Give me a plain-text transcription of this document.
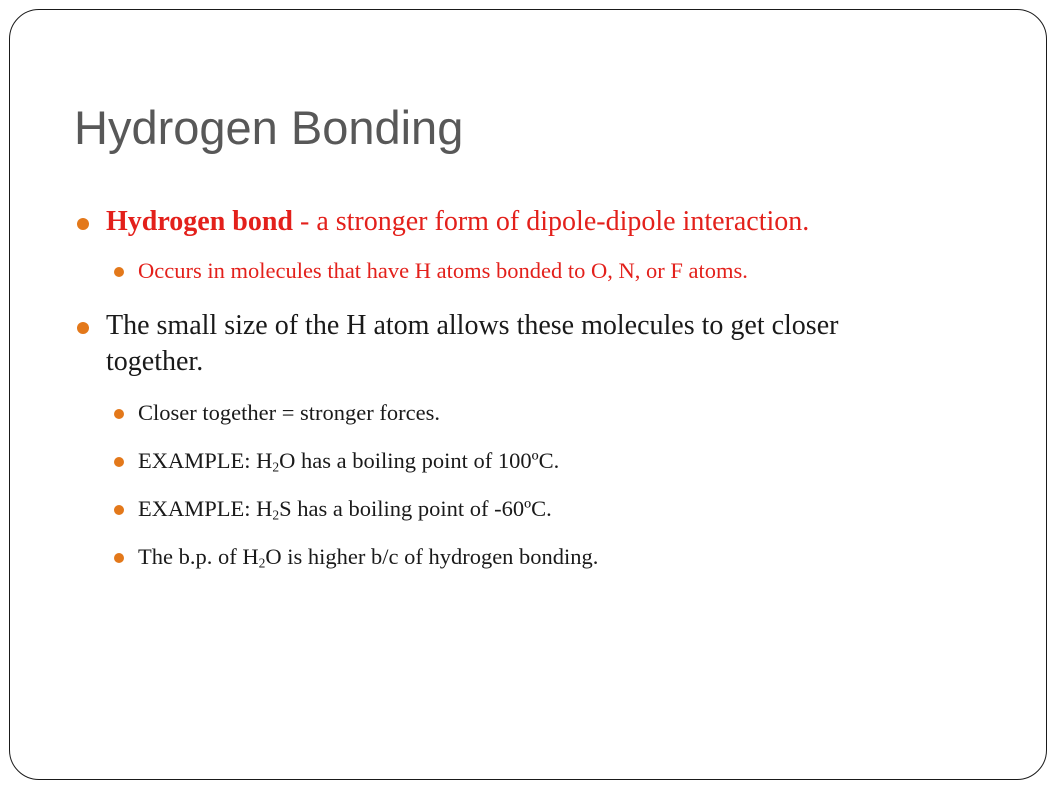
Hydrogen Bonding

Hydrogen bond - a stronger form of dipole-dipole interaction.

Occurs in molecules that have H atoms bonded to O, N, or F atoms.

The small size of the H atom allows these molecules to get closer together.

Closer together = stronger forces.

EXAMPLE: $H_2O$ has a boiling point of 100ºC.

EXAMPLE: $H_2S$ has a boiling point of -60ºC.

The b.p. of $H_2O$ is higher b/c of hydrogen bonding.
